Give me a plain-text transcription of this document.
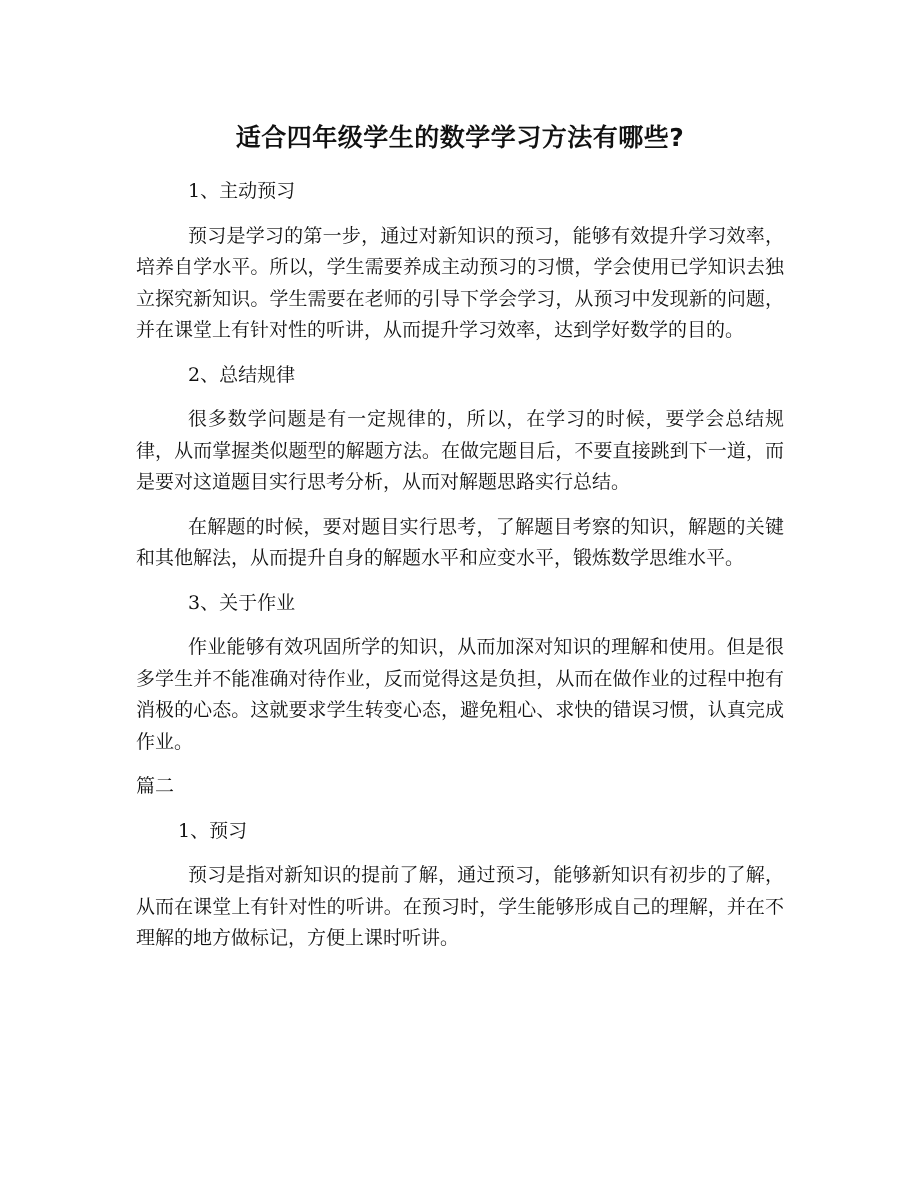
适合四年级学生的数学学习方法有哪些?
1、主动预习

预习是学习的第一步，通过对新知识的预习，能够有效提升学习效率，培养自学水平。所以，学生需要养成主动预习的习惯，学会使用已学知识去独立探究新知识。学生需要在老师的引导下学会学习，从预习中发现新的问题，并在课堂上有针对性的听讲，从而提升学习效率，达到学好数学的目的。

2、总结规律

很多数学问题是有一定规律的，所以，在学习的时候，要学会总结规律，从而掌握类似题型的解题方法。在做完题目后，不要直接跳到下一道，而是要对这道题目实行思考分析，从而对解题思路实行总结。

在解题的时候，要对题目实行思考，了解题目考察的知识，解题的关键和其他解法，从而提升自身的解题水平和应变水平，锻炼数学思维水平。

3、关于作业

作业能够有效巩固所学的知识，从而加深对知识的理解和使用。但是很多学生并不能准确对待作业，反而觉得这是负担，从而在做作业的过程中抱有消极的心态。这就要求学生转变心态，避免粗心、求快的错误习惯，认真完成作业。

篇二
1、预习

预习是指对新知识的提前了解，通过预习，能够新知识有初步的了解，从而在课堂上有针对性的听讲。在预习时，学生能够形成自己的理解，并在不理解的地方做标记，方便上课时听讲。
